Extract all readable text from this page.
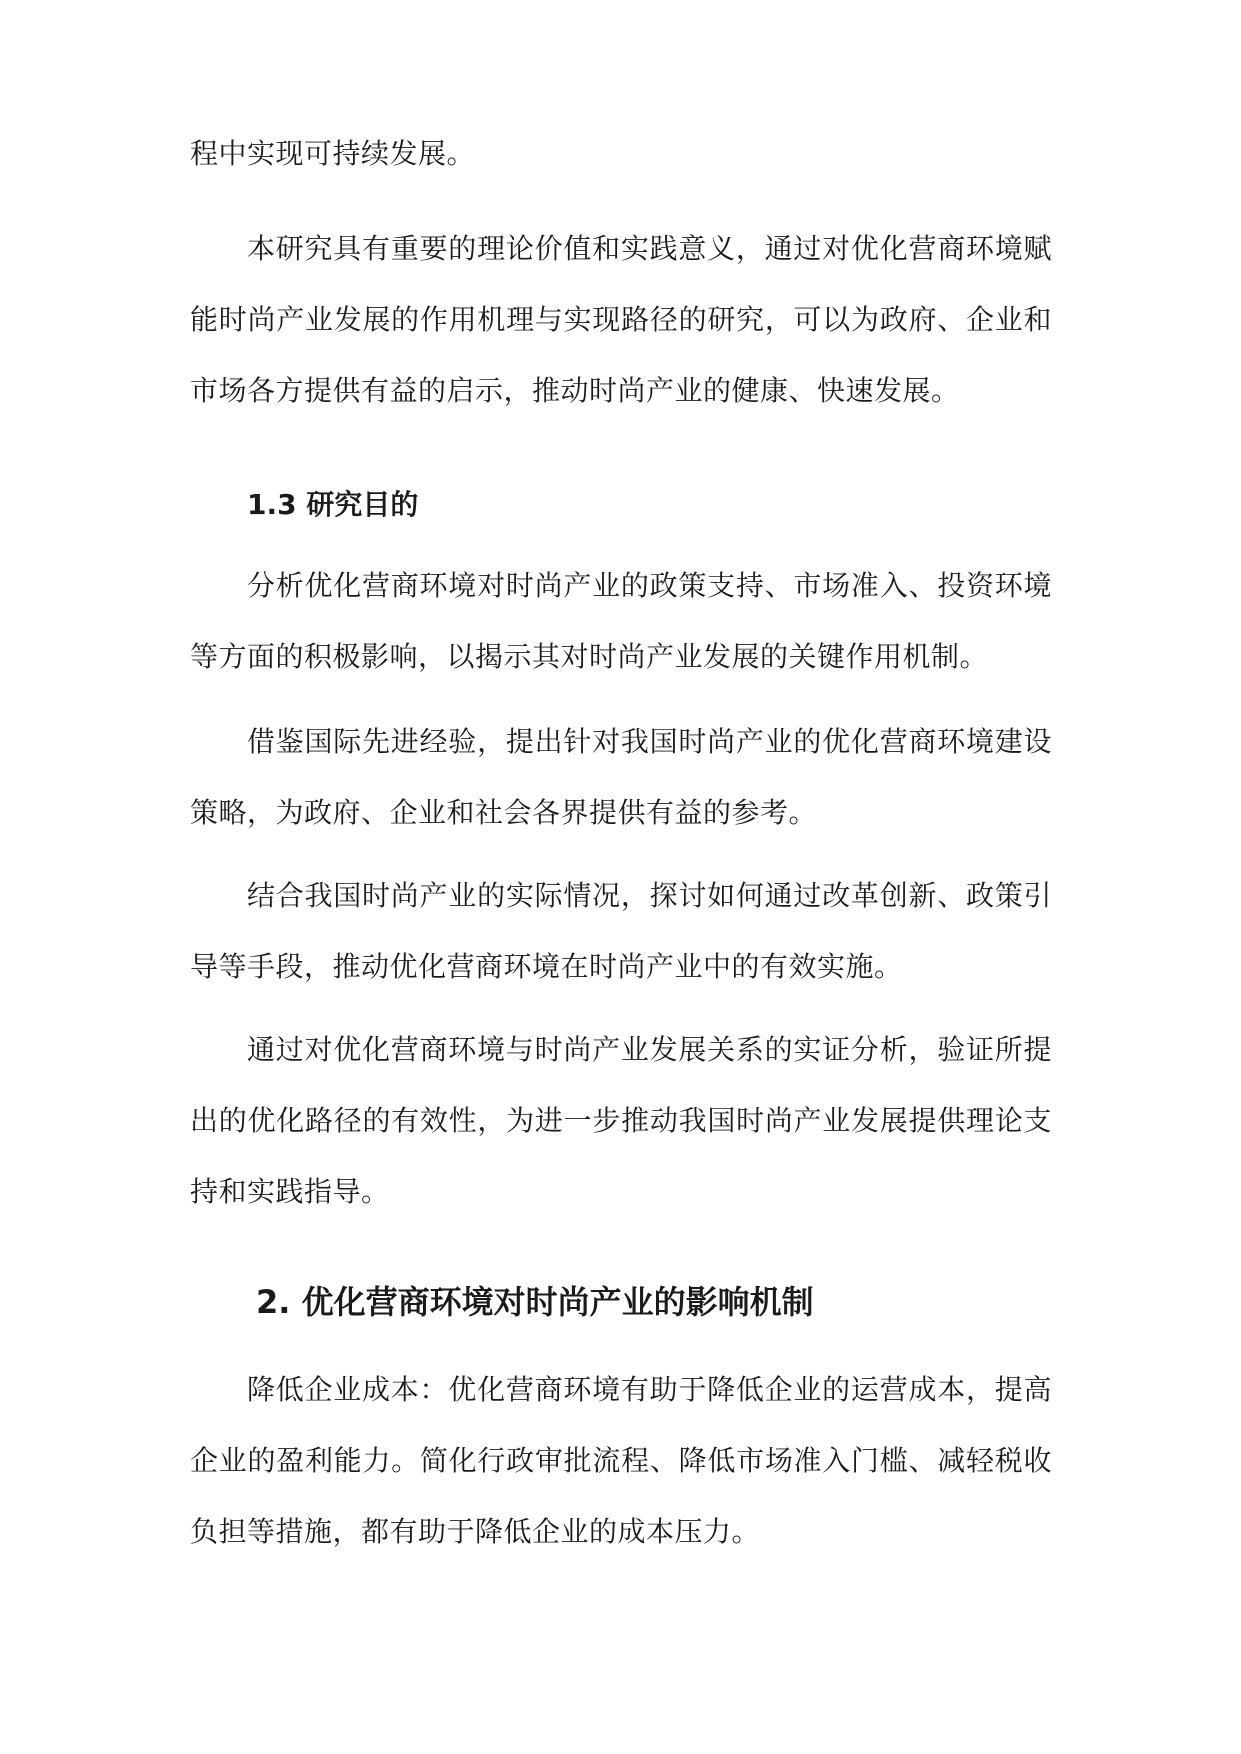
程中实现可持续发展。
本研究具有重要的理论价值和实践意义，通过对优化营商环境赋能时尚产业发展的作用机理与实现路径的研究，可以为政府、企业和市场各方提供有益的启示，推动时尚产业的健康、快速发展。
1.3 研究目的
分析优化营商环境对时尚产业的政策支持、市场准入、投资环境等方面的积极影响，以揭示其对时尚产业发展的关键作用机制。
借鉴国际先进经验，提出针对我国时尚产业的优化营商环境建设策略，为政府、企业和社会各界提供有益的参考。
结合我国时尚产业的实际情况，探讨如何通过改革创新、政策引导等手段，推动优化营商环境在时尚产业中的有效实施。
通过对优化营商环境与时尚产业发展关系的实证分析，验证所提出的优化路径的有效性，为进一步推动我国时尚产业发展提供理论支持和实践指导。
2. 优化营商环境对时尚产业的影响机制
降低企业成本：优化营商环境有助于降低企业的运营成本，提高企业的盈利能力。简化行政审批流程、降低市场准入门槛、减轻税收负担等措施，都有助于降低企业的成本压力。
